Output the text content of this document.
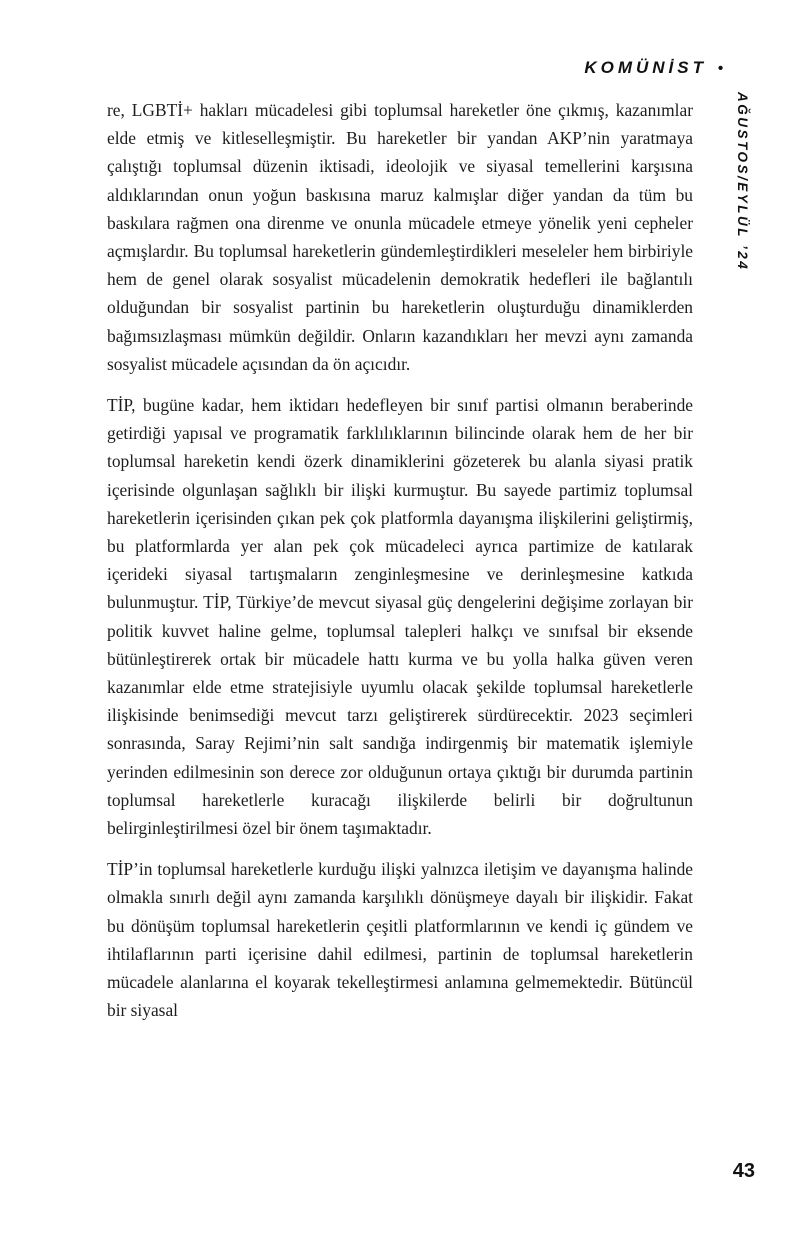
KOMÜNİST •
AĞUSTOS/EYLÜL ’24

re, LGBTİ+ hakları mücadelesi gibi toplumsal hareketler öne çıkmış, kazanımlar elde etmiş ve kitleselleşmiştir. Bu hareketler bir yandan AKP’nin yaratmaya çalıştığı toplumsal düzenin iktisadi, ideolojik ve siyasal temellerini karşısına aldıklarından onun yoğun baskısına maruz kalmışlar diğer yandan da tüm bu baskılara rağmen ona direnme ve onunla mücadele etmeye yönelik yeni cepheler açmışlardır. Bu toplumsal hareketlerin gündemleştirdikleri meseleler hem birbiriyle hem de genel olarak sosyalist mücadelenin demokratik hedefleri ile bağlantılı olduğundan bir sosyalist partinin bu hareketlerin oluşturduğu dinamiklerden bağımsızlaşması mümkün değildir. Onların kazandıkları her mevzi aynı zamanda sosyalist mücadele açısından da ön açıcıdır.

TİP, bugüne kadar, hem iktidarı hedefleyen bir sınıf partisi olmanın beraberinde getirdiği yapısal ve programatik farklılıklarının bilincinde olarak hem de her bir toplumsal hareketin kendi özerk dinamiklerini gözeterek bu alanla siyasi pratik içerisinde olgunlaşan sağlıklı bir ilişki kurmuştur. Bu sayede partimiz toplumsal hareketlerin içerisinden çıkan pek çok platformla dayanışma ilişkilerini geliştirmiş, bu platformlarda yer alan pek çok mücadeleci ayrıca partimize de katılarak içerideki siyasal tartışmaların zenginleşmesine ve derinleşmesine katkıda bulunmuştur. TİP, Türkiye’de mevcut siyasal güç dengelerini değişime zorlayan bir politik kuvvet haline gelme, toplumsal talepleri halkçı ve sınıfsal bir eksende bütünleştirerek ortak bir mücadele hattı kurma ve bu yolla halka güven veren kazanımlar elde etme stratejisiyle uyumlu olacak şekilde toplumsal hareketlerle ilişkisinde benimsediği mevcut tarzı geliştirerek sürdürecektir. 2023 seçimleri sonrasında, Saray Rejimi’nin salt sandığa indirgenmiş bir matematik işlemiyle yerinden edilmesinin son derece zor olduğunun ortaya çıktığı bir durumda partinin toplumsal hareketlerle kuracağı ilişkilerde belirli bir doğrultunun belirginleştirilmesi özel bir önem taşımaktadır.

TİP’in toplumsal hareketlerle kurduğu ilişki yalnızca iletişim ve dayanışma halinde olmakla sınırlı değil aynı zamanda karşılıklı dönüşmeye dayalı bir ilişkidir. Fakat bu dönüşüm toplumsal hareketlerin çeşitli platformlarının ve kendi iç gündem ve ihtilaflarının parti içerisine dahil edilmesi, partinin de toplumsal hareketlerin mücadele alanlarına el koyarak tekelleştirmesi anlamına gelmemektedir. Bütüncül bir siyasal

43
